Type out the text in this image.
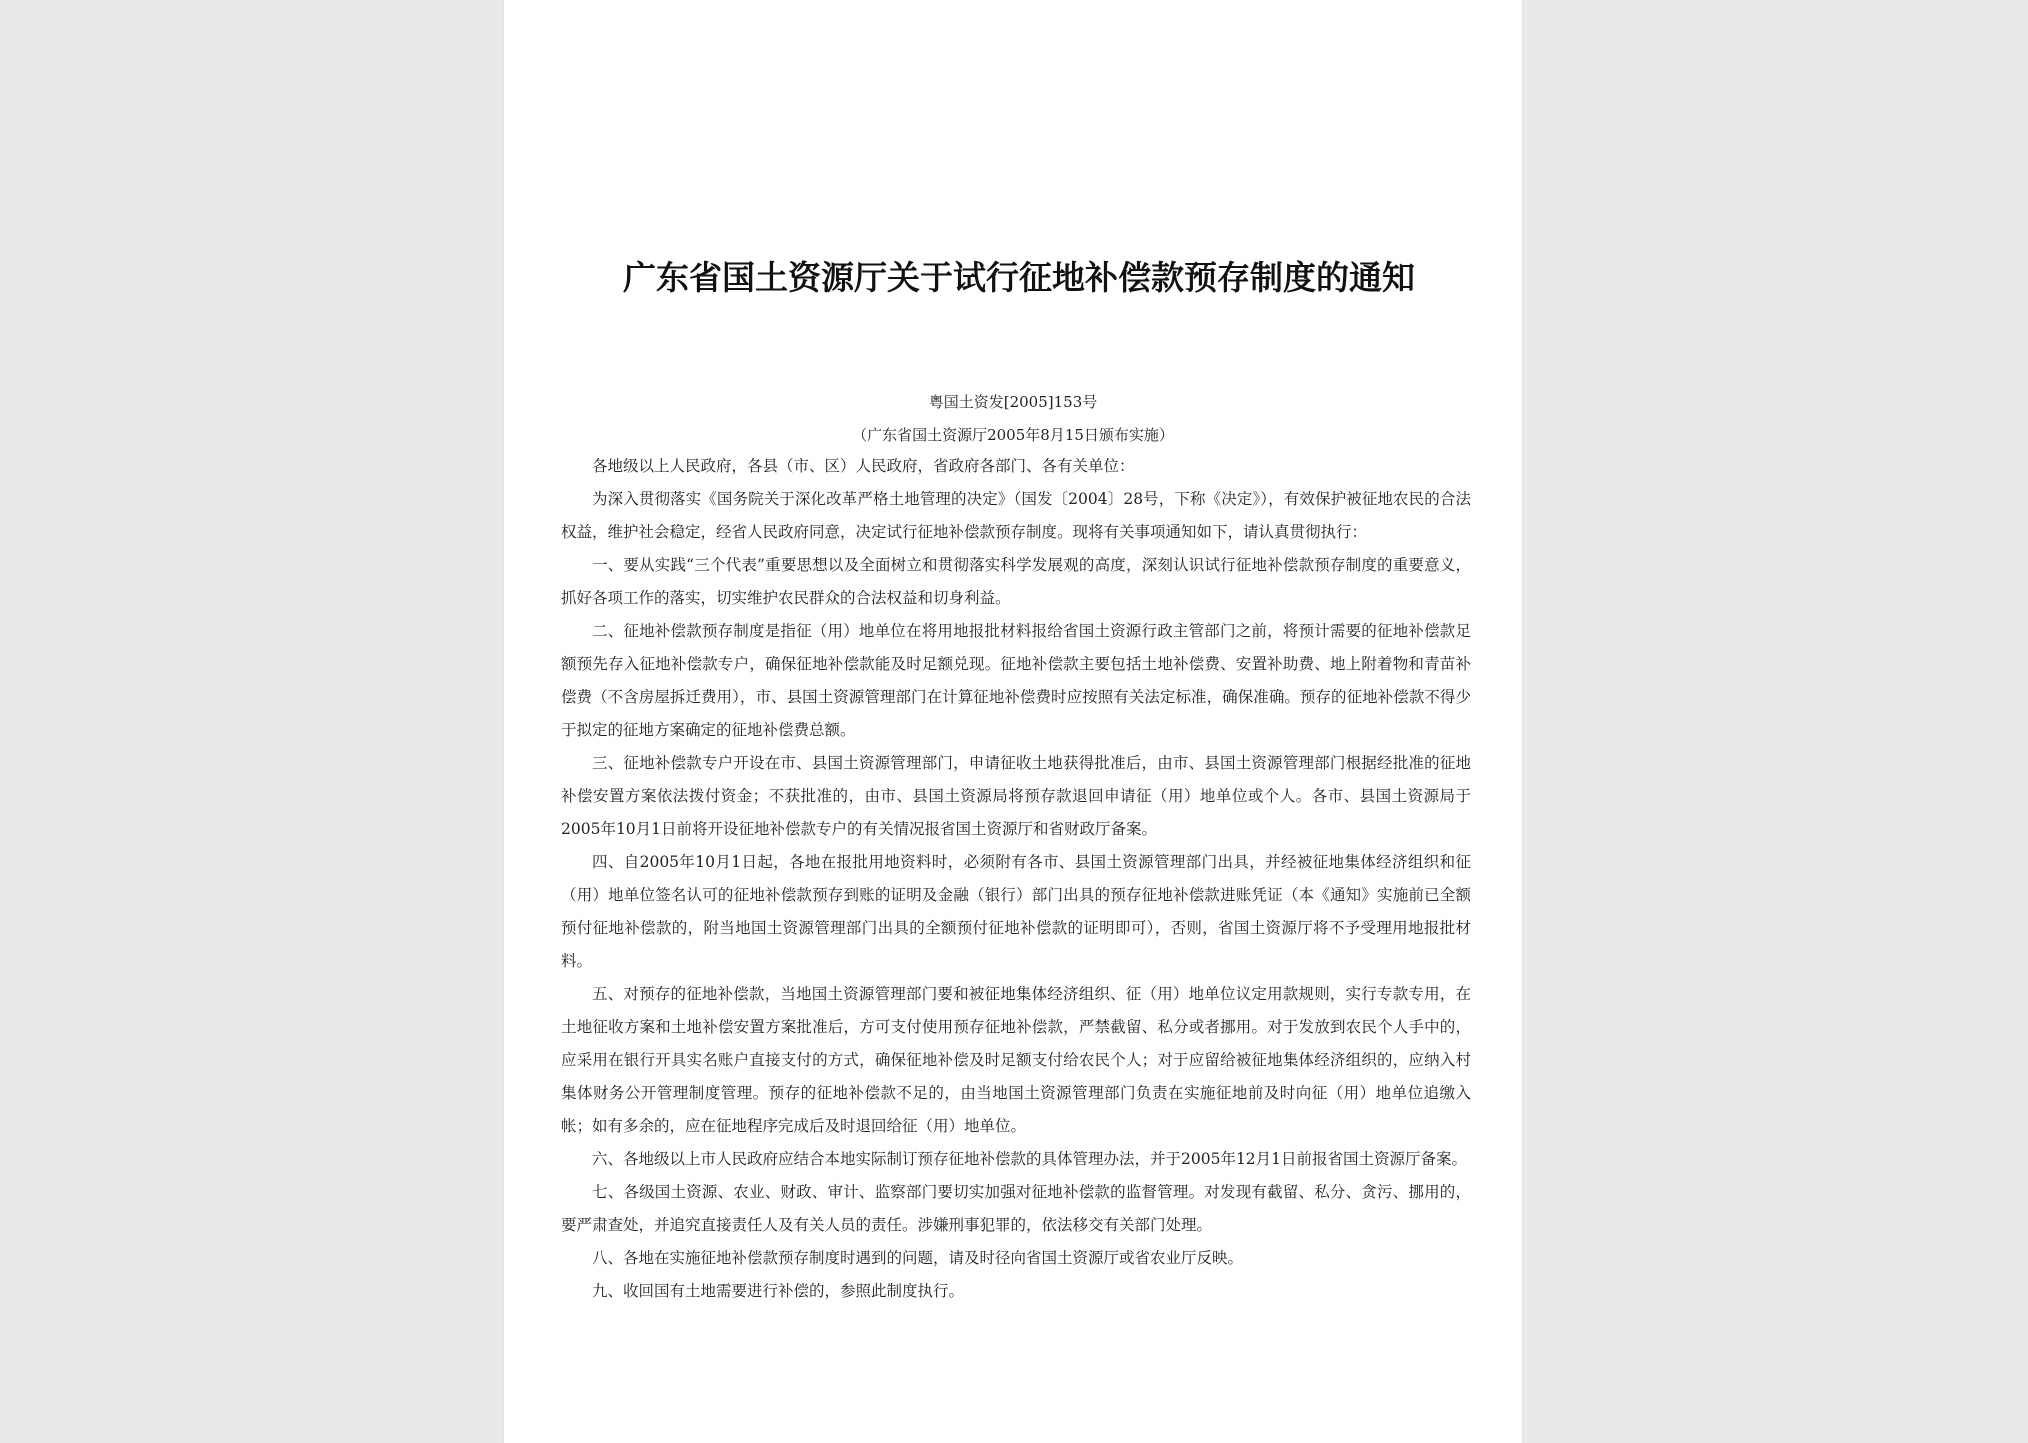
广东省国土资源厅关于试行征地补偿款预存制度的通知
粤国土资发[2005]153号
（广东省国土资源厅2005年8月15日颁布实施）

各地级以上人民政府，各县（市、区）人民政府，省政府各部门、各有关单位：

为深入贯彻落实《国务院关于深化改革严格土地管理的决定》（国发〔2004〕28号，下称《决定》），有效保护被征地农民的合法权益，维护社会稳定，经省人民政府同意，决定试行征地补偿款预存制度。现将有关事项通知如下，请认真贯彻执行：

一、要从实践“三个代表”重要思想以及全面树立和贯彻落实科学发展观的高度，深刻认识试行征地补偿款预存制度的重要意义，抓好各项工作的落实，切实维护农民群众的合法权益和切身利益。

二、征地补偿款预存制度是指征（用）地单位在将用地报批材料报给省国土资源行政主管部门之前，将预计需要的征地补偿款足额预先存入征地补偿款专户，确保征地补偿款能及时足额兑现。征地补偿款主要包括土地补偿费、安置补助费、地上附着物和青苗补偿费（不含房屋拆迁费用），市、县国土资源管理部门在计算征地补偿费时应按照有关法定标准，确保准确。预存的征地补偿款不得少于拟定的征地方案确定的征地补偿费总额。

三、征地补偿款专户开设在市、县国土资源管理部门，申请征收土地获得批准后，由市、县国土资源管理部门根据经批准的征地补偿安置方案依法拨付资金；不获批准的，由市、县国土资源局将预存款退回申请征（用）地单位或个人。各市、县国土资源局于2005年10月1日前将开设征地补偿款专户的有关情况报省国土资源厅和省财政厅备案。

四、自2005年10月1日起，各地在报批用地资料时，必须附有各市、县国土资源管理部门出具，并经被征地集体经济组织和征（用）地单位签名认可的征地补偿款预存到账的证明及金融（银行）部门出具的预存征地补偿款进账凭证（本《通知》实施前已全额预付征地补偿款的，附当地国土资源管理部门出具的全额预付征地补偿款的证明即可），否则，省国土资源厅将不予受理用地报批材料。

五、对预存的征地补偿款，当地国土资源管理部门要和被征地集体经济组织、征（用）地单位议定用款规则，实行专款专用，在土地征收方案和土地补偿安置方案批准后，方可支付使用预存征地补偿款，严禁截留、私分或者挪用。对于发放到农民个人手中的，应采用在银行开具实名账户直接支付的方式，确保征地补偿及时足额支付给农民个人；对于应留给被征地集体经济组织的，应纳入村集体财务公开管理制度管理。预存的征地补偿款不足的，由当地国土资源管理部门负责在实施征地前及时向征（用）地单位追缴入帐；如有多余的，应在征地程序完成后及时退回给征（用）地单位。

六、各地级以上市人民政府应结合本地实际制订预存征地补偿款的具体管理办法，并于2005年12月1日前报省国土资源厅备案。

七、各级国土资源、农业、财政、审计、监察部门要切实加强对征地补偿款的监督管理。对发现有截留、私分、贪污、挪用的，要严肃查处，并追究直接责任人及有关人员的责任。涉嫌刑事犯罪的，依法移交有关部门处理。

八、各地在实施征地补偿款预存制度时遇到的问题，请及时径向省国土资源厅或省农业厅反映。

九、收回国有土地需要进行补偿的，参照此制度执行。
